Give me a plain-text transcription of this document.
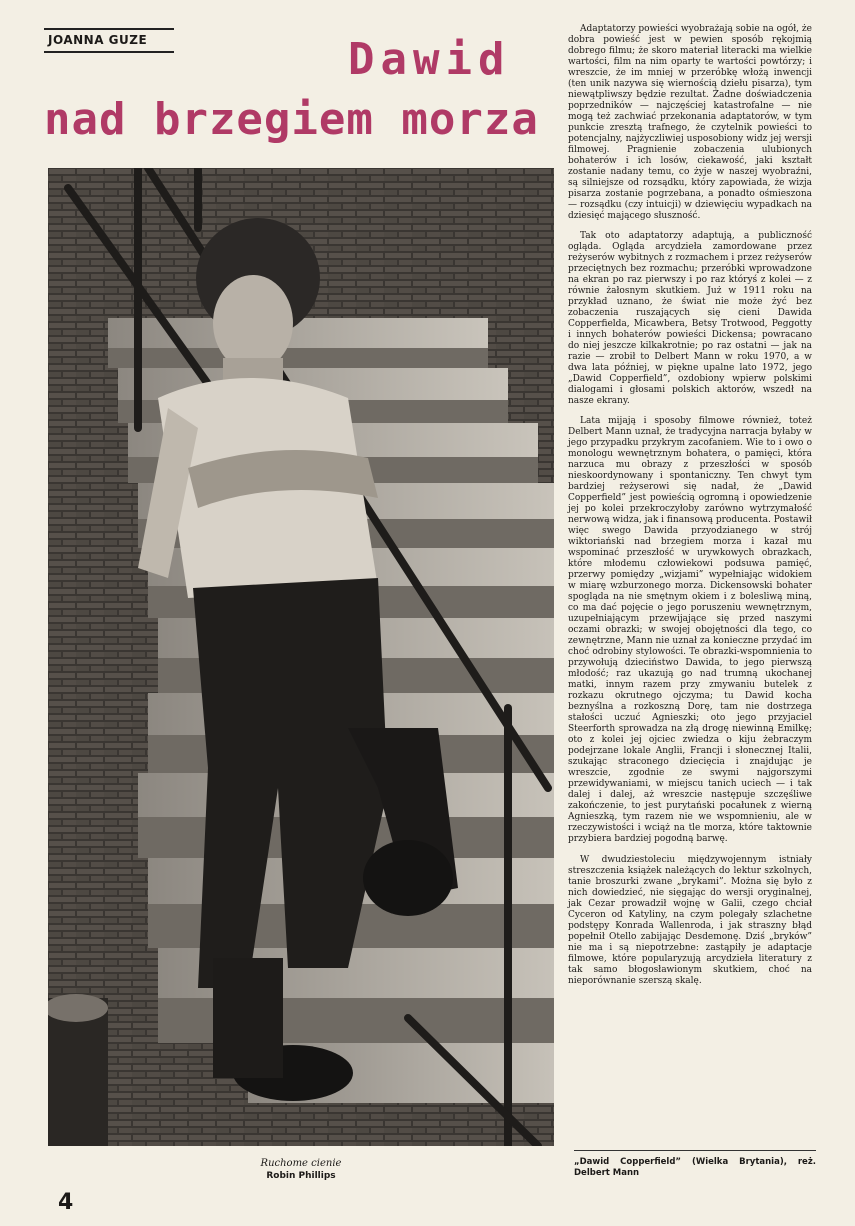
JOANNA GUZE	Dawid
nad brzegiem morza
Ruchome cienie
Robin Phillips
4

Adaptatorzy powieści wyobrażają sobie na ogół, że dobra powieść jest w pewien sposób rękojmią dobrego filmu; że skoro materiał literacki ma wielkie wartości, film na nim oparty te wartości powtórzy; i wreszcie, że im mniej w przeróbkę włożą inwencji (ten unik nazywa się wiernością dziełu pisarza), tym niewątpliwszy będzie rezultat. Żadne doświadczenia poprzedników — najczęściej katastrofalne — nie mogą też zachwiać przekonania adaptatorów, w tym punkcie zresztą trafnego, że czytelnik powieści to potencjalny, najżyczliwiej usposobiony widz jej wersji filmowej. Pragnienie zobaczenia ulubionych bohaterów i ich losów, ciekawość, jaki kształt zostanie nadany temu, co żyje w naszej wyobraźni, są silniejsze od rozsądku, który zapowiada, że wizja pisarza zostanie pogrzebana, a ponadto ośmieszona — rozsądku (czy intuicji) w dziewięciu wypadkach na dziesięć mającego słuszność.

Tak oto adaptatorzy adaptują, a publiczność ogląda. Ogląda arcydzieła zamordowane przez reżyserów wybitnych z rozmachem i przez reżyserów przeciętnych bez rozmachu; przeróbki wprowadzone na ekran po raz pierwszy i po raz któryś z kolei — z równie żałosnym skutkiem. Już w 1911 roku na przykład uznano, że świat nie może żyć bez zobaczenia ruszających się cieni Dawida Copperfielda, Micawbera, Betsy Trotwood, Peggotty i innych bohaterów powieści Dickensa; powracano do niej jeszcze kilkakrotnie; po raz ostatni — jak na razie — zrobił to Delbert Mann w roku 1970, a w dwa lata później, w piękne upalne lato 1972, jego „Dawid Copperfield”, ozdobiony wpierw polskimi dialogami i głosami polskich aktorów, wszedł na nasze ekrany.

Lata mijają i sposoby filmowe również, toteż Delbert Mann uznał, że tradycyjna narracja byłaby w jego przypadku przykrym zacofaniem. Wie to i owo o monologu wewnętrznym bohatera, o pamięci, która narzuca mu obrazy z przeszłości w sposób nieskoordynowany i spontaniczny. Ten chwyt tym bardziej reżyserowi się nadał, że „Dawid Copperfield” jest powieścią ogromną i opowiedzenie jej po kolei przekroczyłoby zarówno wytrzymałość nerwową widza, jak i finansową producenta. Postawił więc swego Dawida przyodzianego w strój wiktoriański nad brzegiem morza i kazał mu wspominać przeszłość w urywkowych obrazkach, które młodemu człowiekowi podsuwa pamięć, przerwy pomiędzy „wizjami” wypełniając widokiem w miarę wzburzonego morza. Dickensowski bohater spogląda na nie smętnym okiem i z bolesliwą miną, co ma dać pojęcie o jego poruszeniu wewnętrznym, uzupełniającym przewijające się przed naszymi oczami obrazki; w swojej obojętności dla tego, co zewnętrzne, Mann nie uznał za konieczne przydać im choć odrobiny stylowości. Te obrazki-wspomnienia to przywołują dzieciństwo Dawida, to jego pierwszą młodość; raz ukazują go nad trumną ukochanej matki, innym razem przy zmywaniu butelek z rozkazu okrutnego ojczyma; tu Dawid kocha beznyślna a rozkoszną Dorę, tam nie dostrzega stałości uczuć Agnieszki; oto jego przyjaciel Steerforth sprowadza na złą drogę niewinną Emilkę; oto z kolei jej ojciec zwiedza o kiju żebraczym podejrzane lokale Anglii, Francji i słonecznej Italii, szukając straconego dziecięcia i znajdując je wreszcie, zgodnie ze swymi najgorszymi przewidywaniami, w miejscu tanich uciech — i tak dalej i dalej, aż wreszcie następuje szczęśliwe zakończenie, to jest purytański pocałunek z wierną Agnieszką, tym razem nie we wspomnieniu, ale w rzeczywistości i wciąż na tle morza, które taktownie przybiera bardziej pogodną barwę.

W dwudziestoleciu międzywojennym istniały streszczenia książek należących do lektur szkolnych, tanie broszurki zwane „brykami”. Można się było z nich dowiedzieć, nie sięgając do wersji oryginalnej, jak Cezar prowadził wojnę w Galii, czego chciał Cyceron od Katyliny, na czym polegały szlachetne podstępy Konrada Wallenroda, i jak straszny błąd popełnił Otello zabijając Desdemonę. Dziś „bryków” nie ma i są niepotrzebne: zastąpiły je adaptacje filmowe, które popularyzują arcydzieła literatury z tak samo błogosławionym skutkiem, choć na nieporównanie szerszą skalę.

„Dawid Copperfield” (Wielka Brytania), reż. Delbert Mann
